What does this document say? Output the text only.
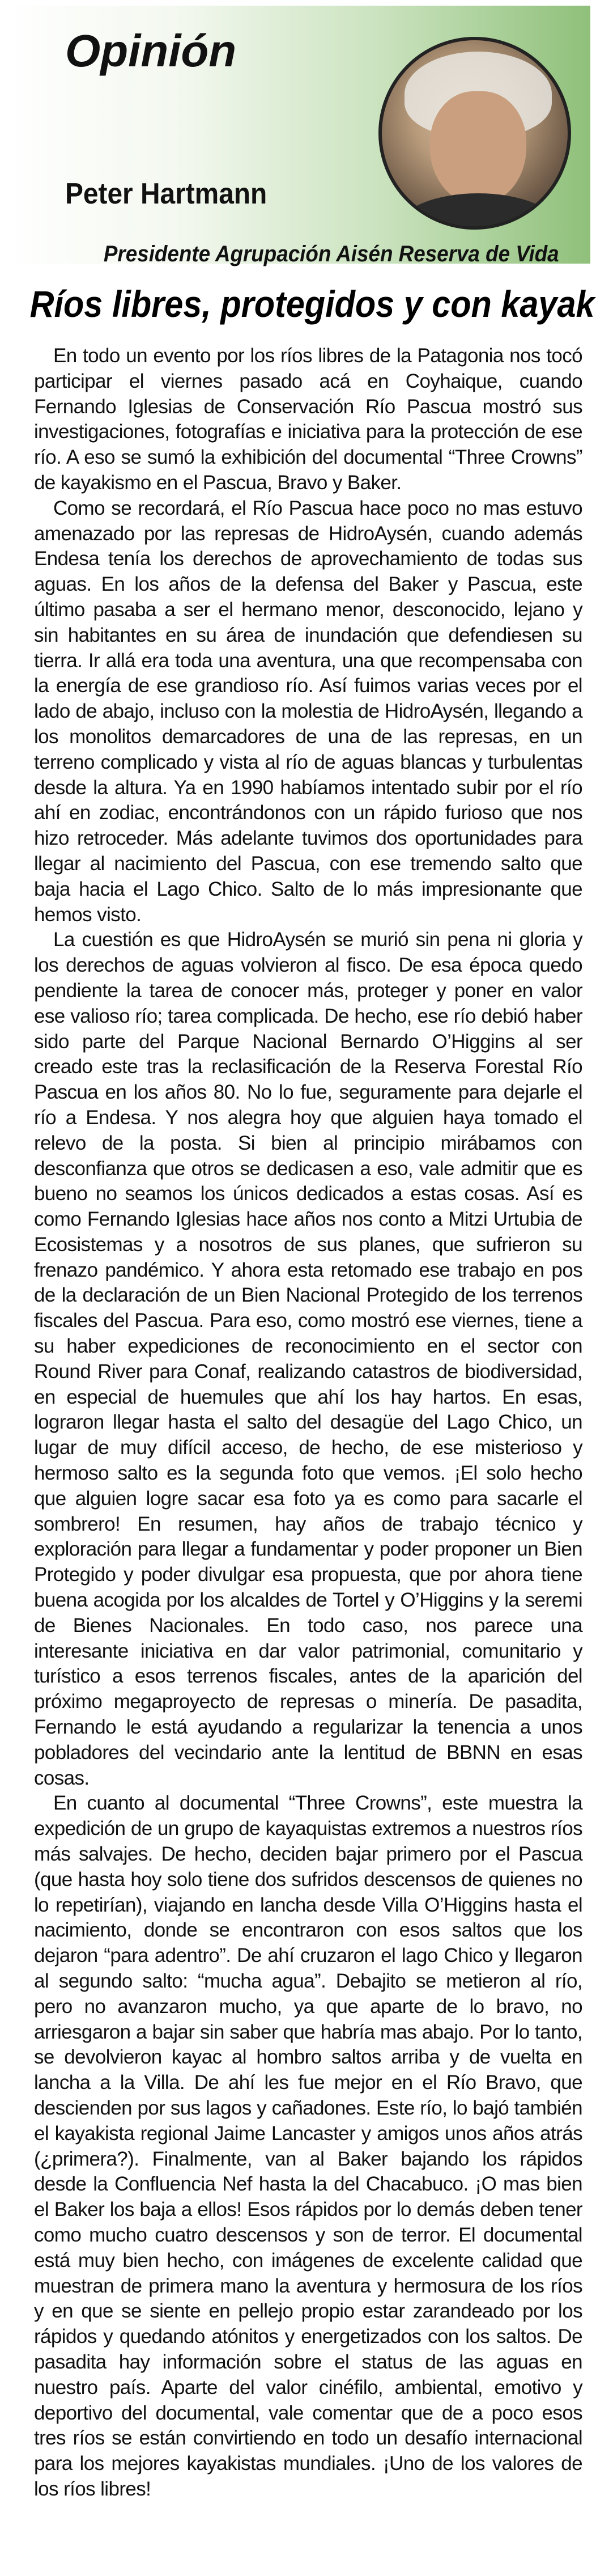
Opinión
Peter Hartmann
Presidente Agrupación Aisén Reserva de Vida
Ríos libres, protegidos y con kayak

En todo un evento por los ríos libres de la Patagonia nos tocó participar el viernes pasado acá en Coyhaique, cuando Fernando Iglesias de Conservación Río Pascua mostró sus investigaciones, fotografías e iniciativa para la protección de ese río. A eso se sumó la exhibición del documental “Three Crowns” de kayakismo en el Pascua, Bravo y Baker.

Como se recordará, el Río Pascua hace poco no mas estuvo amenazado por las represas de HidroAysén, cuando además Endesa tenía los derechos de aprovechamiento de todas sus aguas. En los años de la defensa del Baker y Pascua, este último pasaba a ser el hermano menor, desconocido, lejano y sin habitantes en su área de inundación que defendiesen su tierra. Ir allá era toda una aventura, una que recompensaba con la energía de ese grandioso río. Así fuimos varias veces por el lado de abajo, incluso con la molestia de HidroAysén, llegando a los monolitos demarcadores de una de las represas, en un terreno complicado y vista al río de aguas blancas y turbulentas desde la altura. Ya en 1990 habíamos intentado subir por el río ahí en zodiac, encontrándonos con un rápido furioso que nos hizo retroceder. Más adelante tuvimos dos oportunidades para llegar al nacimiento del Pascua, con ese tremendo salto que baja hacia el Lago Chico. Salto de lo más impresionante que hemos visto.

La cuestión es que HidroAysén se murió sin pena ni gloria y los derechos de aguas volvieron al fisco. De esa época quedo pendiente la tarea de conocer más, proteger y poner en valor ese valioso río; tarea complicada. De hecho, ese río debió haber sido parte del Parque Nacional Bernardo O’Higgins al ser creado este tras la reclasificación de la Reserva Forestal Río Pascua en los años 80. No lo fue, seguramente para dejarle el río a Endesa. Y nos alegra hoy que alguien haya tomado el relevo de la posta. Si bien al principio mirábamos con desconfianza que otros se dedicasen a eso, vale admitir que es bueno no seamos los únicos dedicados a estas cosas. Así es como Fernando Iglesias hace años nos conto a Mitzi Urtubia de Ecosistemas y a nosotros de sus planes, que sufrieron su frenazo pandémico. Y ahora esta retomado ese trabajo en pos de la declaración de un Bien Nacional Protegido de los terrenos fiscales del Pascua. Para eso, como mostró ese viernes, tiene a su haber expediciones de reconocimiento en el sector con Round River para Conaf, realizando catastros de biodiversidad, en especial de huemules que ahí los hay hartos. En esas, lograron llegar hasta el salto del desagüe del Lago Chico, un lugar de muy difícil acceso, de hecho, de ese misterioso y hermoso salto es la segunda foto que vemos. ¡El solo hecho que alguien logre sacar esa foto ya es como para sacarle el sombrero! En resumen, hay años de trabajo técnico y exploración para llegar a fundamentar y poder proponer un Bien Protegido y poder divulgar esa propuesta, que por ahora tiene buena acogida por los alcaldes de Tortel y O’Higgins y la seremi de Bienes Nacionales. En todo caso, nos parece una interesante iniciativa en dar valor patrimonial, comunitario y turístico a esos terrenos fiscales, antes de la aparición del próximo megaproyecto de represas o minería. De pasadita, Fernando le está ayudando a regularizar la tenencia a unos pobladores del vecindario ante la lentitud de BBNN en esas cosas.

En cuanto al documental “Three Crowns”, este muestra la expedición de un grupo de kayaquistas extremos a nuestros ríos más salvajes. De hecho, deciden bajar primero por el Pascua (que hasta hoy solo tiene dos sufridos descensos de quienes no lo repetirían), viajando en lancha desde Villa O’Higgins hasta el nacimiento, donde se encontraron con esos saltos que los dejaron “para adentro”. De ahí cruzaron el lago Chico y llegaron al segundo salto: “mucha agua”. Debajito se metieron al río, pero no avanzaron mucho, ya que aparte de lo bravo, no arriesgaron a bajar sin saber que habría mas abajo. Por lo tanto, se devolvieron kayac al hombro saltos arriba y de vuelta en lancha a la Villa. De ahí les fue mejor en el Río Bravo, que descienden por sus lagos y cañadones. Este río, lo bajó también el kayakista regional Jaime Lancaster y amigos unos años atrás (¿primera?). Finalmente, van al Baker bajando los rápidos desde la Confluencia Nef hasta la del Chacabuco. ¡O mas bien el Baker los baja a ellos! Esos rápidos por lo demás deben tener como mucho cuatro descensos y son de terror. El documental está muy bien hecho, con imágenes de excelente calidad que muestran de primera mano la aventura y hermosura de los ríos y en que se siente en pellejo propio estar zarandeado por los rápidos y quedando atónitos y energetizados con los saltos. De pasadita hay información sobre el status de las aguas en nuestro país. Aparte del valor cinéfilo, ambiental, emotivo y deportivo del documental, vale comentar que de a poco esos tres ríos se están convirtiendo en todo un desafío internacional para los mejores kayakistas mundiales. ¡Uno de los valores de los ríos libres!
